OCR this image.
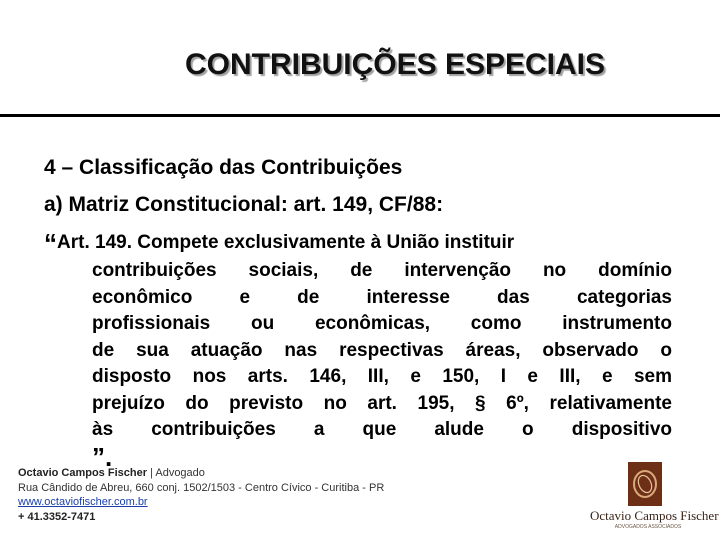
CONTRIBUIÇÕES ESPECIAIS
4 – Classificação das Contribuições
a) Matriz Constitucional: art. 149, CF/88:
“Art. 149. Compete exclusivamente à União instituir
contribuições sociais, de intervenção no domínio
econômico e de interesse das categorias
profissionais ou econômicas, como instrumento
de sua atuação nas respectivas áreas, observado o
disposto nos arts. 146, III, e 150, I e III, e sem
prejuízo do previsto no art. 195, § 6º, relativamente
às contribuições a que alude o dispositivo
”.
Octavio Campos Fischer | Advogado
Rua Cândido de Abreu, 660 conj. 1502/1503 - Centro Cívico - Curitiba - PR
www.octaviofischer.com.br
+ 41.3352-7471	Octavio Campos Fischer
ADVOGADOS ASSOCIADOS
